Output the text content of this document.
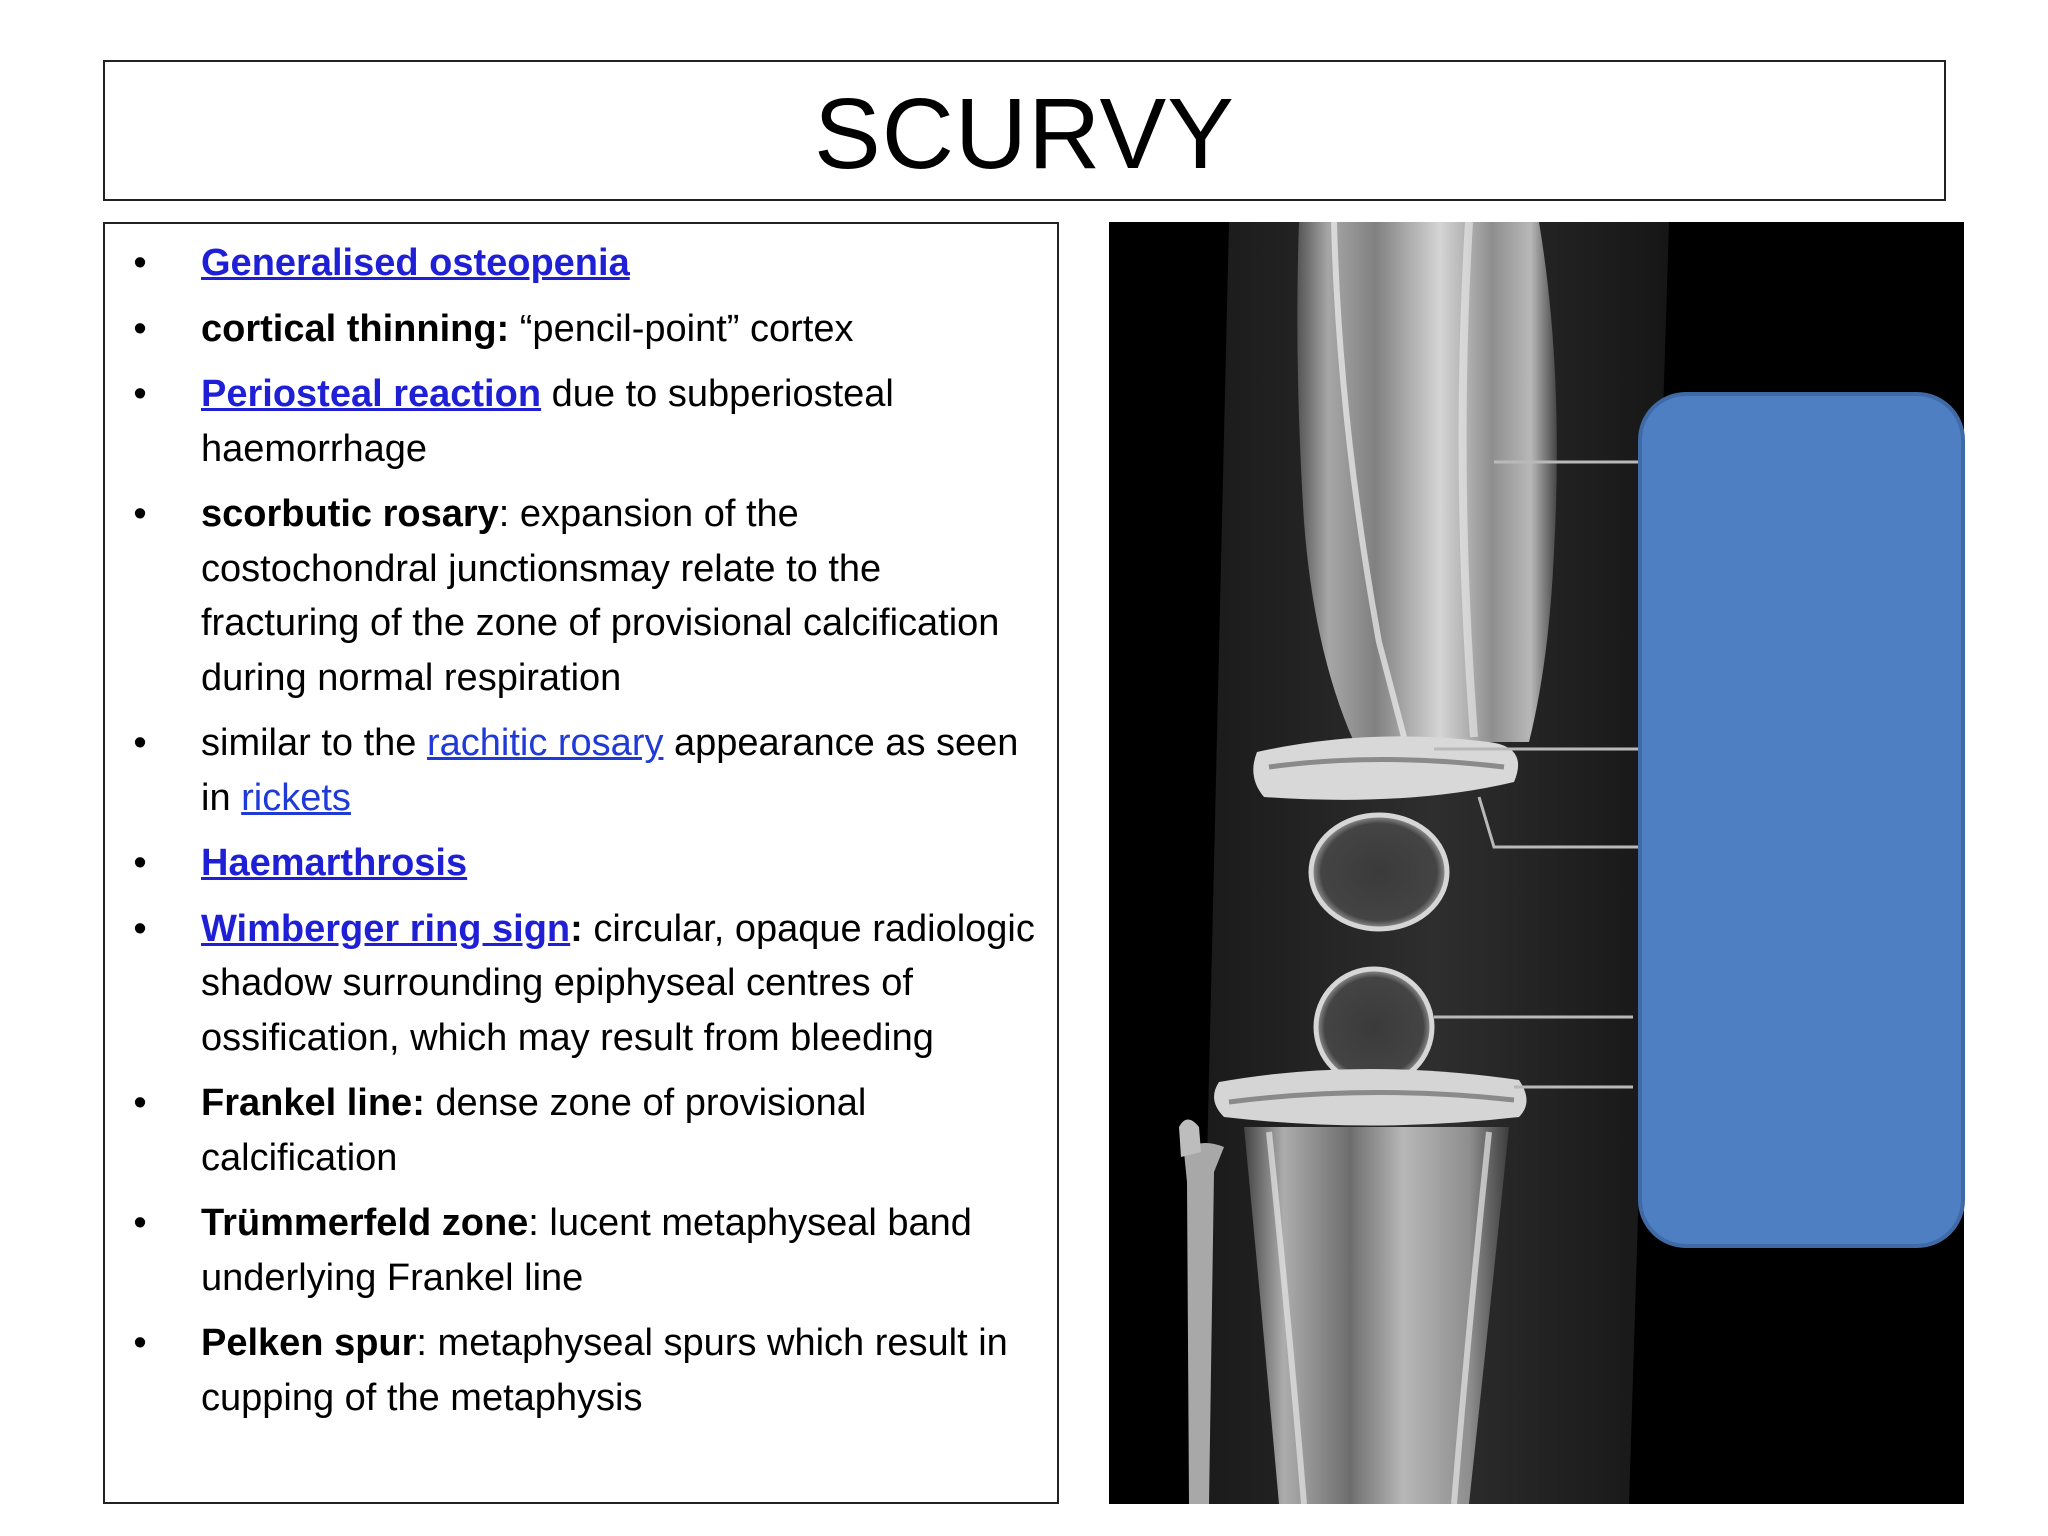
SCURVY
• Generalised osteopenia
• cortical thinning: “pencil-point” cortex
• Periosteal reaction due to subperiosteal haemorrhage
• scorbutic rosary: expansion of the costochondral junctionsmay relate to the fracturing of the zone of provisional calcification during normal respiration
• similar to the rachitic rosary appearance as seen in rickets
• Haemarthrosis
• Wimberger ring sign: circular, opaque radiologic shadow surrounding epiphyseal centres of ossification, which may result from bleeding
• Frankel line: dense zone of provisional calcification
• Trümmerfeld zone: lucent metaphyseal band underlying Frankel line
• Pelken spur: metaphyseal spurs which result in cupping of the metaphysis
